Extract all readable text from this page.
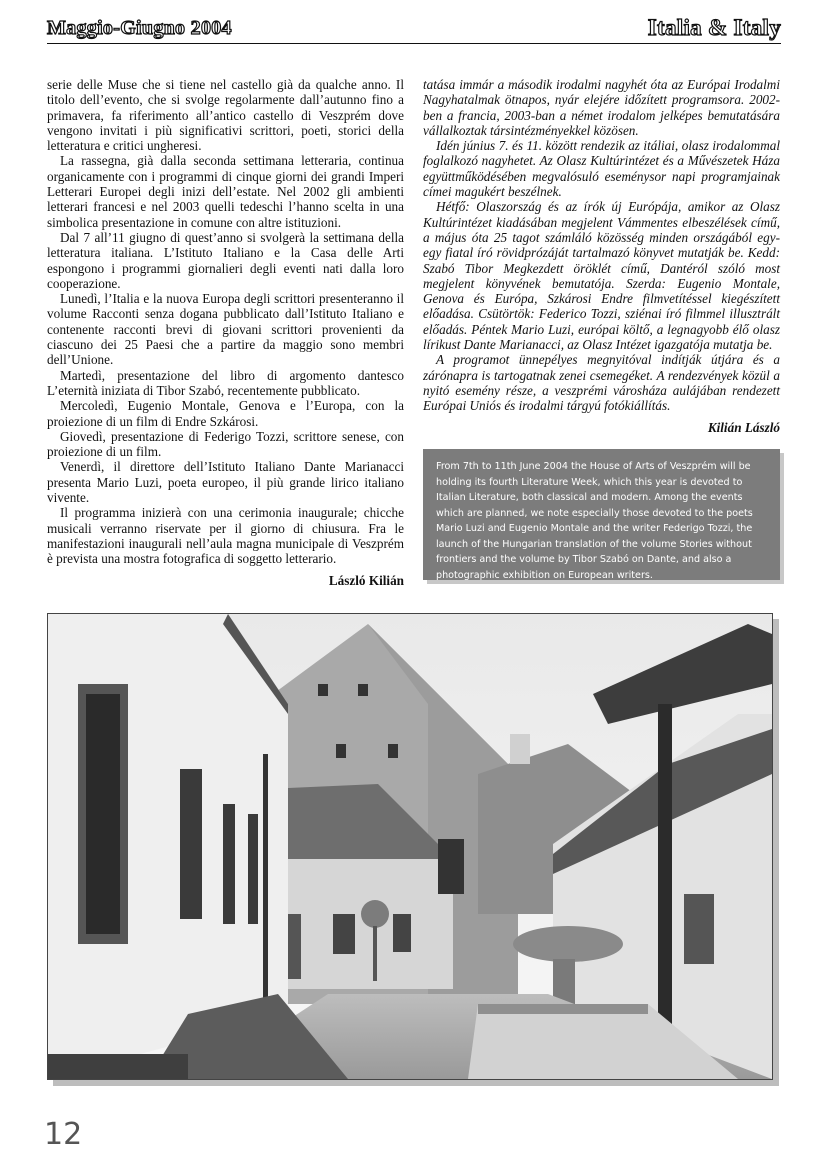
Maggio-Giugno 2004	Italia & Italy

serie delle Muse che si tiene nel castello già da qualche anno. Il titolo dell’evento, che si svolge regolarmente dall’autunno fino a primavera, fa riferimento all’antico castello di Veszprém dove vengono invitati i più significativi scrittori, poeti, storici della letteratura e critici ungheresi.

La rassegna, già dalla seconda settimana letteraria, continua organicamente con i programmi di cinque giorni dei grandi Imperi Letterari Europei degli inizi dell’estate. Nel 2002 gli ambienti letterari francesi e nel 2003 quelli tedeschi l’hanno scelta in una simbolica presentazione in comune con altre istituzioni.

Dal 7 all’11 giugno di quest’anno si svolgerà la settimana della letteratura italiana. L’Istituto Italiano e la Casa delle Arti espongono i programmi giornalieri degli eventi nati dalla loro cooperazione.

Lunedì, l’Italia e la nuova Europa degli scrittori presenteranno il volume Racconti senza dogana pubblicato dall’Istituto Italiano e contenente racconti brevi di giovani scrittori provenienti da ciascuno dei 25 Paesi che a partire da maggio sono membri dell’Unione.

Martedì, presentazione del libro di argomento dantesco L’eternità iniziata di Tibor Szabó, recentemente pubblicato.

Mercoledì, Eugenio Montale, Genova e l’Europa, con la proiezione di un film di Endre Szkárosi.

Giovedì, presentazione di Federigo Tozzi, scrittore senese, con proiezione di un film.

Venerdì, il direttore dell’Istituto Italiano Dante Marianacci presenta Mario Luzi, poeta europeo, il più grande lirico italiano vivente.

Il programma inizierà con una cerimonia inaugurale; chicche musicali verranno riservate per il giorno di chiusura. Fra le manifestazioni inaugurali nell’aula magna municipale di Veszprém è prevista una mostra fotografica di soggetto letterario.

László Kilián

tatása immár a második irodalmi nagyhét óta az Európai Irodalmi Nagyhatalmak ötnapos, nyár elejére időzített programsora. 2002-ben a francia, 2003-ban a német irodalom jelképes bemutatására vállalkoztak társintézményekkel közösen.

Idén június 7. és 11. között rendezik az itáliai, olasz irodalommal foglalkozó nagyhetet. Az Olasz Kultúrintézet és a Művészetek Háza együttműködésében megvalósuló eseménysor napi programjainak címei magukért beszélnek.

Hétfő: Olaszország és az írók új Európája, amikor az Olasz Kultúrintézet kiadásában megjelent Vámmentes elbeszélések című, a május óta 25 tagot számláló közösség minden országából egy-egy fiatal író rövidprózáját tartalmazó könyvet mutatják be. Kedd: Szabó Tibor Megkezdett öröklét című, Dantéról szóló most megjelent könyvének bemutatója. Szerda: Eugenio Montale, Genova és Európa, Szkárosi Endre filmvetítéssel kiegészített előadása. Csütörtök: Federico Tozzi, sziénai író filmmel illusztrált előadás. Péntek Mario Luzi, európai költő, a legnagyobb élő olasz lírikust Dante Marianacci, az Olasz Intézet igazgatója mutatja be.

A programot ünnepélyes megnyitóval indítják útjára és a zárónapra is tartogatnak zenei csemegéket. A rendezvények közül a nyitó esemény része, a veszprémi városháza aulájában rendezett Európai Uniós és irodalmi tárgyú fotókiállítás.

Kilián László

From 7th to 11th June 2004 the House of Arts of Veszprém will be holding its fourth Literature Week, which this year is devoted to Italian Literature, both classical and modern. Among the events which are planned, we note especially those devoted to the poets Mario Luzi and Eugenio Montale and the writer Federigo Tozzi, the launch of the Hungarian translation of the volume Stories without frontiers and the volume by Tibor Szabó on Dante, and also a photographic exhibition on European writers.
12
